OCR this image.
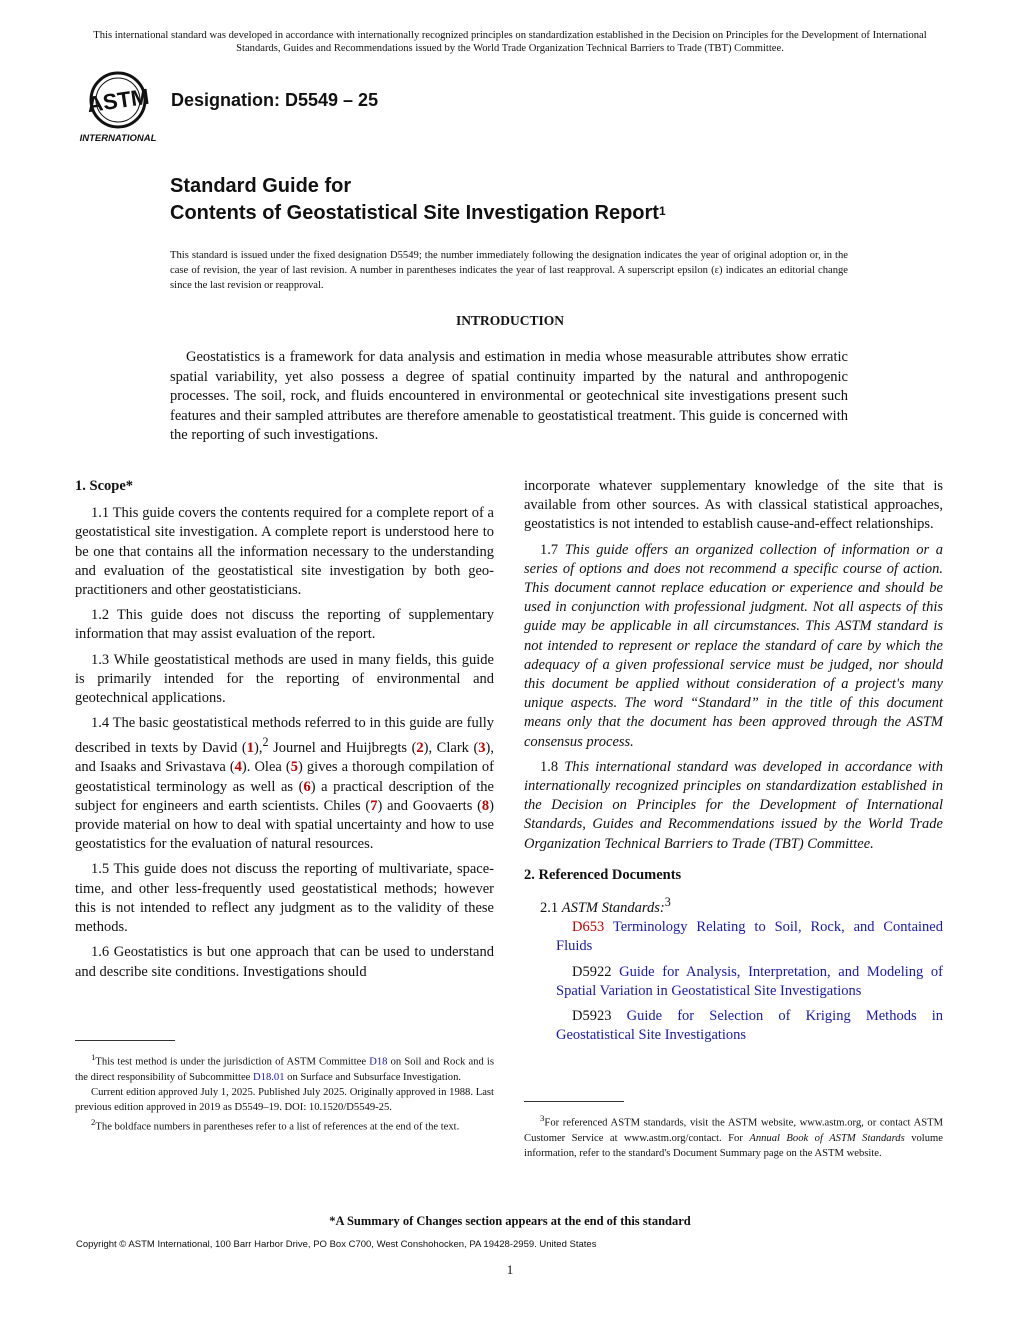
This international standard was developed in accordance with internationally recognized principles on standardization established in the Decision on Principles for the Development of International Standards, Guides and Recommendations issued by the World Trade Organization Technical Barriers to Trade (TBT) Committee.
ASTM
INTERNATIONAL
Designation: D5549 – 25
Standard Guide for
Contents of Geostatistical Site Investigation Report$^1$
This standard is issued under the fixed designation D5549; the number immediately following the designation indicates the year of original adoption or, in the case of revision, the year of last revision. A number in parentheses indicates the year of last reapproval. A superscript epsilon (ε) indicates an editorial change since the last revision or reapproval.
INTRODUCTION
Geostatistics is a framework for data analysis and estimation in media whose measurable attributes show erratic spatial variability, yet also possess a degree of spatial continuity imparted by the natural and anthropogenic processes. The soil, rock, and fluids encountered in environmental or geotechnical site investigations present such features and their sampled attributes are therefore amenable to geostatistical treatment. This guide is concerned with the reporting of such investigations.
1. Scope*

1.1 This guide covers the contents required for a complete report of a geostatistical site investigation. A complete report is understood here to be one that contains all the information necessary to the understanding and evaluation of the geostatistical site investigation by both geo-practitioners and other geostatisticians.

1.2 This guide does not discuss the reporting of supplementary information that may assist evaluation of the report.

1.3 While geostatistical methods are used in many fields, this guide is primarily intended for the reporting of environmental and geotechnical applications.

1.4 The basic geostatistical methods referred to in this guide are fully described in texts by David (1),$^2$ Journel and Huijbregts (2), Clark (3), and Isaaks and Srivastava (4). Olea (5) gives a thorough compilation of geostatistical terminology as well as (6) a practical description of the subject for engineers and earth scientists. Chiles (7) and Goovaerts (8) provide material on how to deal with spatial uncertainty and how to use geostatistics for the evaluation of natural resources.

1.5 This guide does not discuss the reporting of multivariate, space-time, and other less-frequently used geostatistical methods; however this is not intended to reflect any judgment as to the validity of these methods.

1.6 Geostatistics is but one approach that can be used to understand and describe site conditions. Investigations should

$^1$This test method is under the jurisdiction of ASTM Committee D18 on Soil and Rock and is the direct responsibility of Subcommittee D18.01 on Surface and Subsurface Investigation.

Current edition approved July 1, 2025. Published July 2025. Originally approved in 1988. Last previous edition approved in 2019 as D5549–19. DOI: 10.1520/D5549-25.

$^2$The boldface numbers in parentheses refer to a list of references at the end of the text.

incorporate whatever supplementary knowledge of the site that is available from other sources. As with classical statistical approaches, geostatistics is not intended to establish cause-and-effect relationships.

1.7 This guide offers an organized collection of information or a series of options and does not recommend a specific course of action. This document cannot replace education or experience and should be used in conjunction with professional judgment. Not all aspects of this guide may be applicable in all circumstances. This ASTM standard is not intended to represent or replace the standard of care by which the adequacy of a given professional service must be judged, nor should this document be applied without consideration of a project's many unique aspects. The word “Standard” in the title of this document means only that the document has been approved through the ASTM consensus process.

1.8 This international standard was developed in accordance with internationally recognized principles on standardization established in the Decision on Principles for the Development of International Standards, Guides and Recommendations issued by the World Trade Organization Technical Barriers to Trade (TBT) Committee.

2. Referenced Documents

2.1 ASTM Standards:$^3$

D653 Terminology Relating to Soil, Rock, and Contained Fluids

D5922 Guide for Analysis, Interpretation, and Modeling of Spatial Variation in Geostatistical Site Investigations

D5923 Guide for Selection of Kriging Methods in Geostatistical Site Investigations

$^3$For referenced ASTM standards, visit the ASTM website, www.astm.org, or contact ASTM Customer Service at www.astm.org/contact. For Annual Book of ASTM Standards volume information, refer to the standard's Document Summary page on the ASTM website.

*A Summary of Changes section appears at the end of this standard
Copyright © ASTM International, 100 Barr Harbor Drive, PO Box C700, West Conshohocken, PA 19428-2959. United States
1
